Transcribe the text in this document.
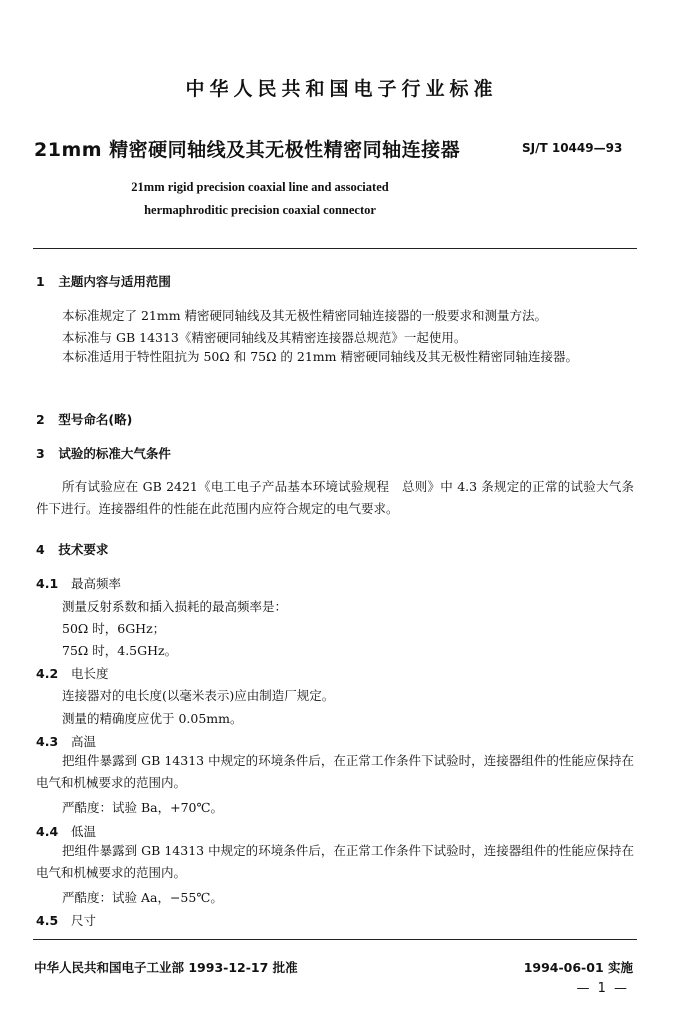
中华人民共和国电子行业标准
21mm 精密硬同轴线及其无极性精密同轴连接器	SJ/T 10449—93
21mm rigid precision coaxial line and associated
hermaphroditic precision coaxial connector
1 主题内容与适用范围
本标准规定了 21mm 精密硬同轴线及其无极性精密同轴连接器的一般要求和测量方法。
本标准与 GB 14313《精密硬同轴线及其精密连接器总规范》一起使用。
本标准适用于特性阻抗为 50Ω 和 75Ω 的 21mm 精密硬同轴线及其无极性精密同轴连接器。
2 型号命名(略)
3 试验的标准大气条件
所有试验应在 GB 2421《电工电子产品基本环境试验规程　总则》中 4.3 条规定的正常的试验大气条件下进行。连接器组件的性能在此范围内应符合规定的电气要求。
4 技术要求
4.1 最高频率
测量反射系数和插入损耗的最高频率是：
50Ω 时，6GHz；
75Ω 时，4.5GHz。
4.2 电长度
连接器对的电长度(以毫米表示)应由制造厂规定。
测量的精确度应优于 0.05mm。
4.3 高温
把组件暴露到 GB 14313 中规定的环境条件后，在正常工作条件下试验时，连接器组件的性能应保持在电气和机械要求的范围内。
严酷度：试验 Ba，+70℃。
4.4 低温
把组件暴露到 GB 14313 中规定的环境条件后，在正常工作条件下试验时，连接器组件的性能应保持在电气和机械要求的范围内。
严酷度：试验 Aa，−55℃。
4.5 尺寸
中华人民共和国电子工业部 1993-12-17 批准	1994-06-01 实施
— 1 —
